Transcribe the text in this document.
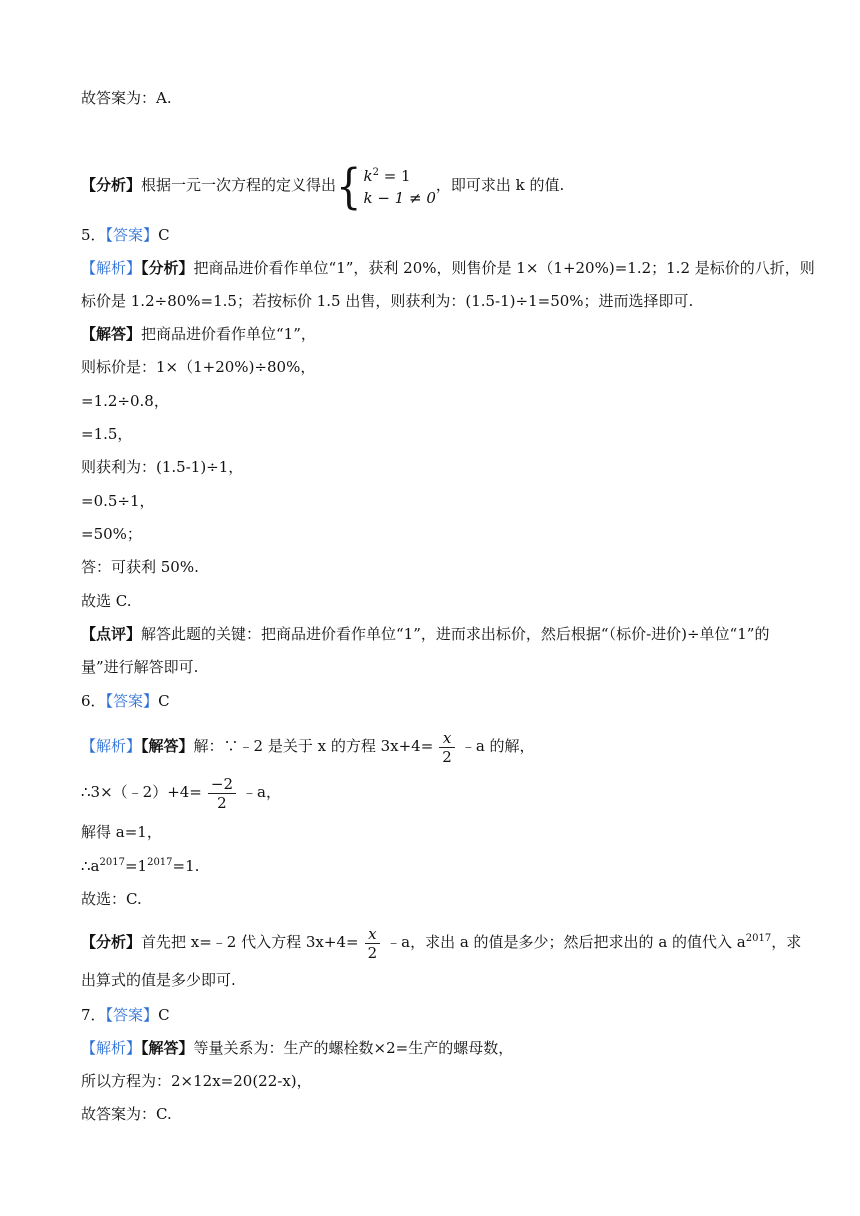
故答案为：A.
【分析】根据一元一次方程的定义得出{ $k^2 = 1$
k − 1 ≠ 0
，即可求出 k 的值.
5．【答案】C
【解析】【分析】把商品进价看作单位“1”，获利 20%，则售价是 1×（1+20%)=1.2；1.2 是标价的八折，则
标价是 1.2÷80%=1.5；若按标价 1.5 出售，则获利为：(1.5-1)÷1=50%；进而选择即可.
【解答】把商品进价看作单位“1”，
则标价是：1×（1+20%)÷80%，
=1.2÷0.8，
=1.5，
则获利为：(1.5-1)÷1，
=0.5÷1，
=50%；
答：可获利 50%.
故选 C.
【点评】解答此题的关键：把商品进价看作单位“1”，进而求出标价，然后根据“（标价-进价)÷单位“1”的
量”进行解答即可.
6．【答案】C
【解析】【解答】解：∵﹣2 是关于 x 的方程 $3x+4= \frac{x}{2}$ ﹣a 的解，
∴3×（﹣2）+4= $\frac{-2}{2}$ ﹣a，
解得 a=1，
$\therefore a^{2017}=1^{2017}=1$.
故选：C.
【分析】首先把 x=﹣2 代入方程 $3x+4= \frac{x}{2}$ ﹣a，求出 a 的值是多少；然后把求出的 a 的值代入 $a^{2017}$，求
出算式的值是多少即可.
7．【答案】C
【解析】【解答】等量关系为：生产的螺栓数×2=生产的螺母数，
所以方程为：2×12x=20(22-x)，
故答案为：C.
